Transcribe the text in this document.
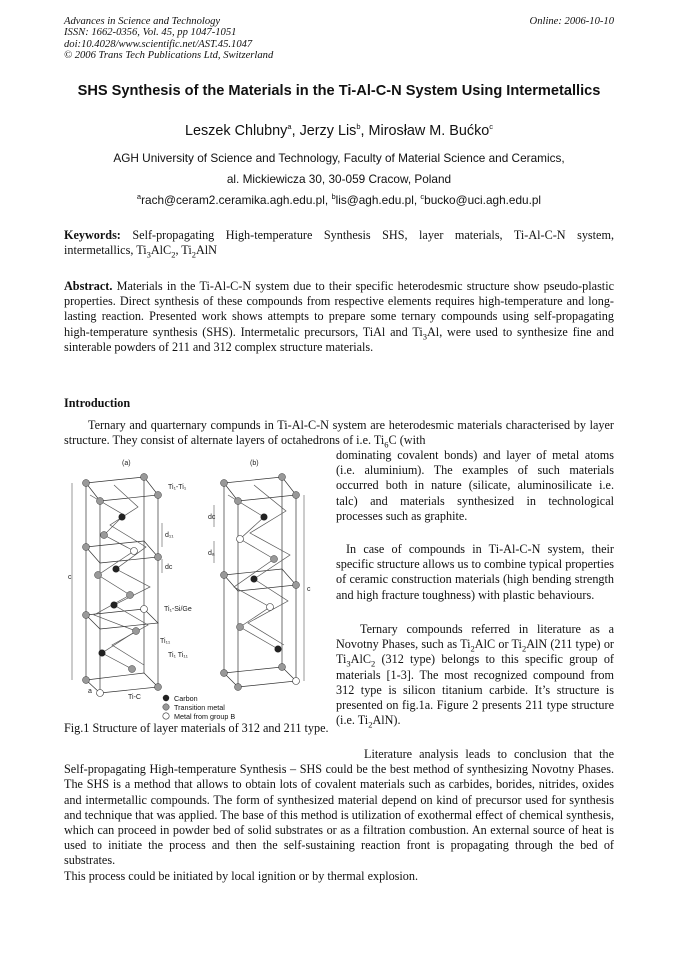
Advances in Science and Technology
ISSN: 1662-0356, Vol. 45, pp 1047-1051
doi:10.4028/www.scientific.net/AST.45.1047
© 2006 Trans Tech Publications Ltd, Switzerland
Online: 2006-10-10
SHS Synthesis of the Materials in the Ti-Al-C-N System Using Intermetallics
Leszek Chlubny$^a$, Jerzy Lis$^b$, Mirosław M. Bućko$^c$
AGH University of Science and Technology, Faculty of Material Science and Ceramics,
al. Mickiewicza 30, 30-059 Cracow, Poland
$^a$rach@ceram2.ceramika.agh.edu.pl, $^b$lis@agh.edu.pl, $^c$bucko@uci.agh.edu.pl
Keywords: Self-propagating High-temperature Synthesis SHS, layer materials, Ti-Al-C-N system, intermetallics, $Ti_3AlC_2$, $Ti_2AlN$
Abstract. Materials in the Ti-Al-C-N system due to their specific heterodesmic structure show pseudo-plastic properties. Direct synthesis of these compounds from respective elements requires high-temperature and long-lasting reaction. Presented work shows attempts to prepare some ternary compounds using self-propagating high-temperature synthesis (SHS). Intermetalic precursors, TiAl and $Ti_3Al$, were used to synthesize fine and sinterable powders of 211 and 312 complex structure materials.
Introduction
Ternary and quarternary compunds in Ti-Al-C-N system are heterodesmic materials characterised by layer structure. They consist of alternate layers of octahedrons of i.e. $Ti_6C$ (with
dominating covalent bonds) and layer of metal atoms (i.e. aluminium). The examples of such materials occurred both in nature (silicate, aluminosilicate i.e. talc) and materials synthesized in technological processes such as graphite.
In case of compounds in Ti-Al-C-N system, their specific structure allows us to combine typical properties of ceramic construction materials (high bending strength and high fracture toughness) with plastic behaviours.
Ternary compounds referred in literature as a Novotny Phases, such as $Ti_2AlC$ or $Ti_2AlN$ (211 type) or $Ti_3AlC_2$ (312 type) belongs to this specific group of materials [1-3]. The most recognized compound from 312 type is silicon titanium carbide. It’s structure is presented on fig.1a. Figure 2 presents 211 type structure (i.e. $Ti_2AlN$).
Literature analysis leads to conclusion that the Self-propagating High-temperature Synthesis – SHS could be the best method of synthesizing Novotny Phases. The SHS is a method that allows to obtain lots of covalent materials such as carbides, borides, nitrides, oxides and intermetallic compounds. The form of synthesized material depend on kind of precursor used for synthesis and technique that was applied. The base of this method is utilization of exothermal effect of chemical synthesis, which can proceed in powder bed of solid substrates or as a filtration combustion. An external source of heat is used to initiate the process and then the self-sustaining reaction front is propagating through the bed of substrates.
This process could be initiated by local ignition or by thermal explosion.
(a)	(b)
c
Ti₁-Ti₁
d₁₁
dᴄ
Ti₁-Si/Ge
Ti₁₁
Ti₁ Ti₁₁
a
Ti-C
dᴄ
dₐ
c
Carbon
Transition metal
Metal from group B
Fig.1 Structure of layer materials of 312 and 211 type.
